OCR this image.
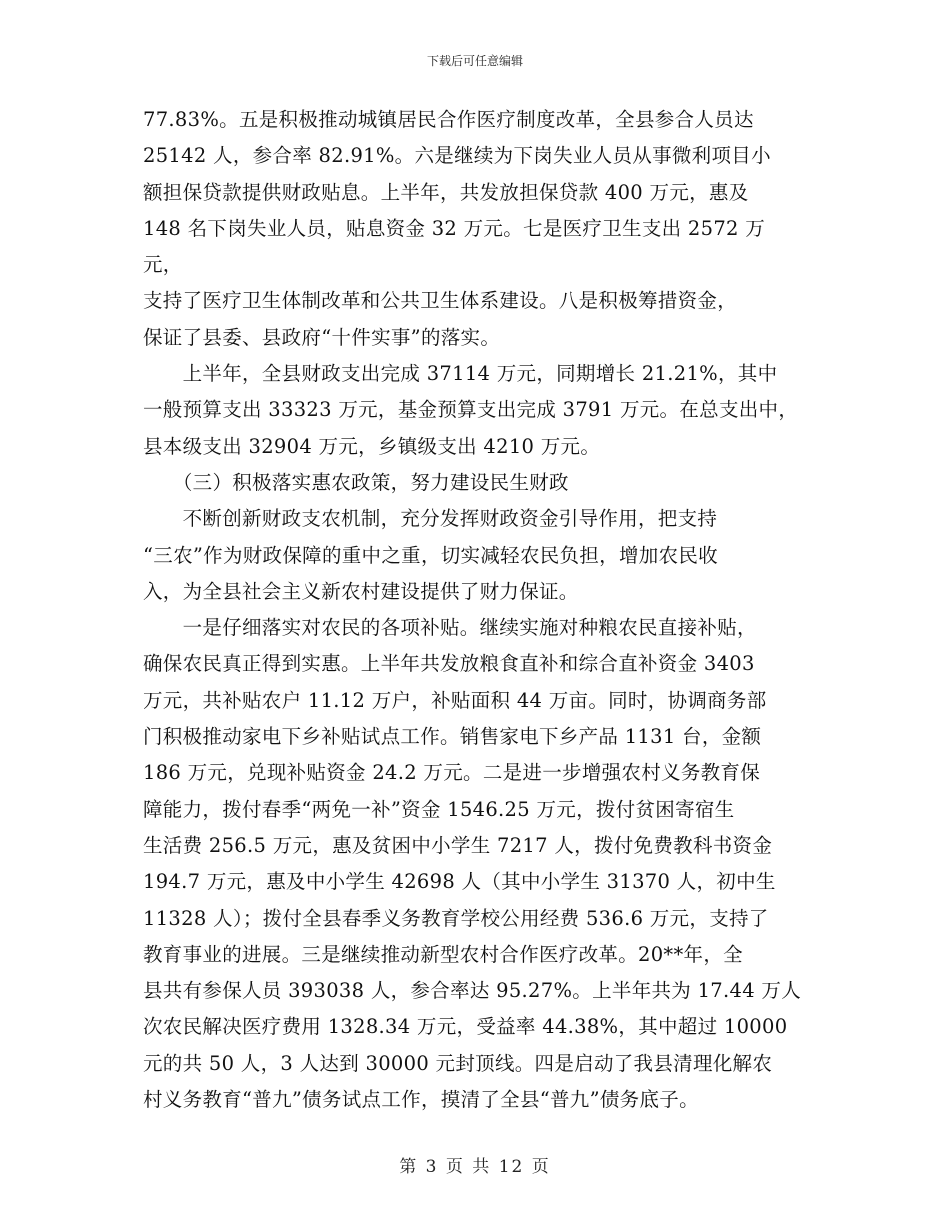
下载后可任意编辑

77.83%。五是积极推动城镇居民合作医疗制度改革，全县参合人员达

25142 人，参合率 82.91%。六是继续为下岗失业人员从事微利项目小

额担保贷款提供财政贴息。上半年，共发放担保贷款 400 万元，惠及

148 名下岗失业人员，贴息资金 32 万元。七是医疗卫生支出 2572 万元，

支持了医疗卫生体制改革和公共卫生体系建设。八是积极筹措资金，

保证了县委、县政府“十件实事”的落实。

　　上半年，全县财政支出完成 37114 万元，同期增长 21.21%，其中

一般预算支出 33323 万元，基金预算支出完成 3791 万元。在总支出中，

县本级支出 32904 万元，乡镇级支出 4210 万元。

　　（三）积极落实惠农政策，努力建设民生财政

　　不断创新财政支农机制，充分发挥财政资金引导作用，把支持

“三农”作为财政保障的重中之重，切实减轻农民负担，增加农民收

入，为全县社会主义新农村建设提供了财力保证。

　　一是仔细落实对农民的各项补贴。继续实施对种粮农民直接补贴，

确保农民真正得到实惠。上半年共发放粮食直补和综合直补资金 3403

万元，共补贴农户 11.12 万户，补贴面积 44 万亩。同时，协调商务部

门积极推动家电下乡补贴试点工作。销售家电下乡产品 1131 台，金额

186 万元，兑现补贴资金 24.2 万元。二是进一步增强农村义务教育保

障能力，拨付春季“两免一补”资金 1546.25 万元，拨付贫困寄宿生

生活费 256.5 万元，惠及贫困中小学生 7217 人，拨付免费教科书资金

194.7 万元，惠及中小学生 42698 人（其中小学生 31370 人，初中生

11328 人）；拨付全县春季义务教育学校公用经费 536.6 万元，支持了

教育事业的进展。三是继续推动新型农村合作医疗改革。20**年，全

县共有参保人员 393038 人，参合率达 95.27%。上半年共为 17.44 万人

次农民解决医疗费用 1328.34 万元，受益率 44.38%，其中超过 10000

元的共 50 人，3 人达到 30000 元封顶线。四是启动了我县清理化解农

村义务教育“普九”债务试点工作，摸清了全县“普九”债务底子。

第 3 页 共 12 页
